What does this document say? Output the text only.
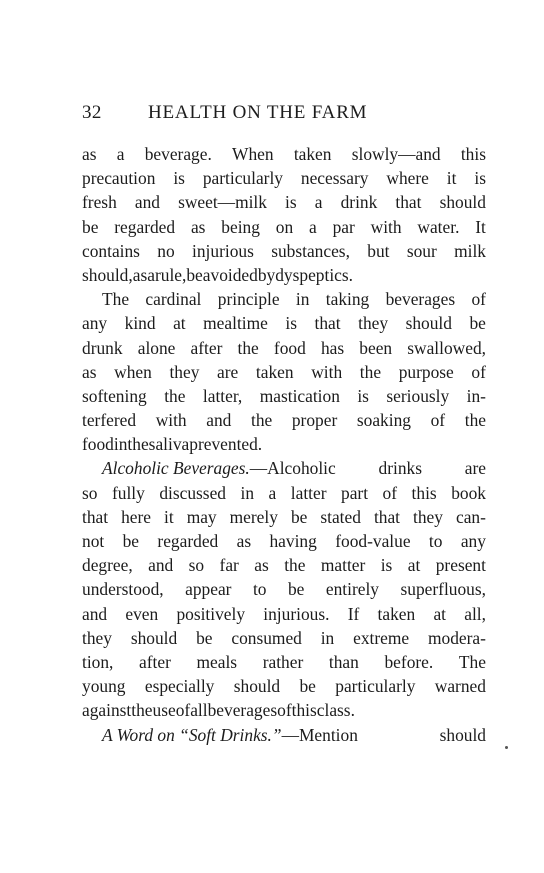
32	HEALTH ON THE FARM
as a beverage. When taken slowly—and this
precaution is particularly necessary where it is
fresh and sweet—milk is a drink that should
be regarded as being on a par with water. It
contains no injurious substances, but sour milk
should, as a rule, be avoided by dyspeptics.
The cardinal principle in taking beverages of
any kind at mealtime is that they should be
drunk alone after the food has been swallowed,
as when they are taken with the purpose of
softening the latter, mastication is seriously in-
terfered with and the proper soaking of the
food in the saliva prevented.
Alcoholic Beverages.—Alcoholic drinks are
so fully discussed in a latter part of this book
that here it may merely be stated that they can-
not be regarded as having food-value to any
degree, and so far as the matter is at present
understood, appear to be entirely superfluous,
and even positively injurious. If taken at all,
they should be consumed in extreme modera-
tion, after meals rather than before. The
young especially should be particularly warned
against the use of all beverages of this class.
A Word on “Soft Drinks.”—Mention	should
